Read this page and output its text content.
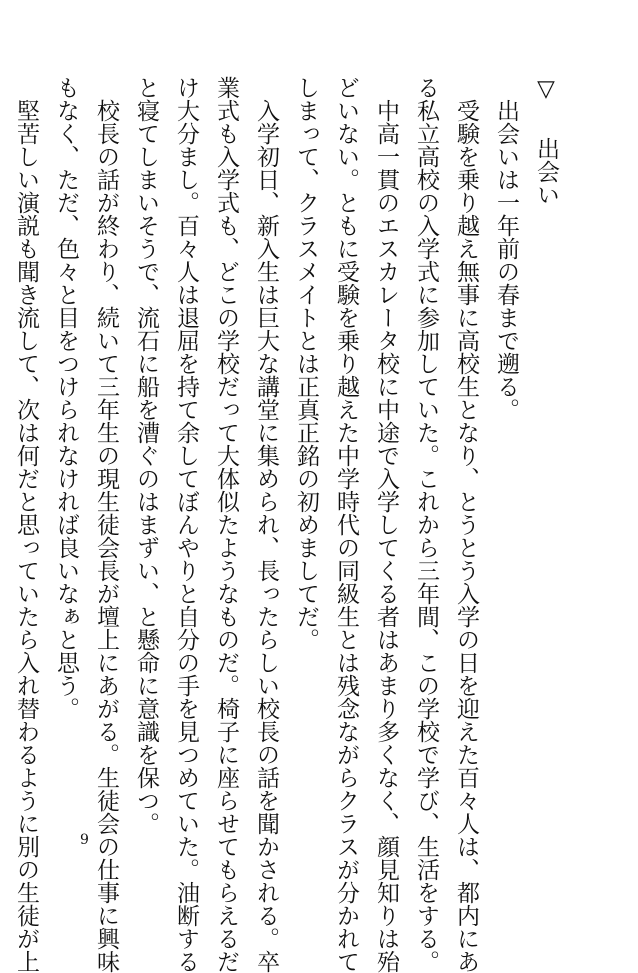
▽　出会い

出会いは一年前の春まで遡る。

受験を乗り越え無事に高校生となり、とうとう入学の日を迎えた百々人は、都内にあ

る私立高校の入学式に参加していた。これから三年間、この学校で学び、生活をする。

中高一貫のエスカレータ校に中途で入学してくる者はあまり多くなく、顔見知りは殆

どいない。ともに受験を乗り越えた中学時代の同級生とは残念ながらクラスが分かれて

しまって、クラスメイトとは正真正銘の初めましてだ。

入学初日、新入生は巨大な講堂に集められ、長ったらしい校長の話を聞かされる。卒

業式も入学式も、どこの学校だって大体似たようなものだ。椅子に座らせてもらえるだ

け大分まし。百々人は退屈を持て余してぼんやりと自分の手を見つめていた。油断する

と寝てしまいそうで、流石に船を漕ぐのはまずい、と懸命に意識を保つ。

校長の話が終わり、続いて三年生の現生徒会長が壇上にあがる。生徒会の仕事に興味

もなく、ただ、色々と目をつけられなければ良いなぁと思う。

堅苦しい演説も聞き流して、次は何だと思っていたら入れ替わるように別の生徒が上	9
